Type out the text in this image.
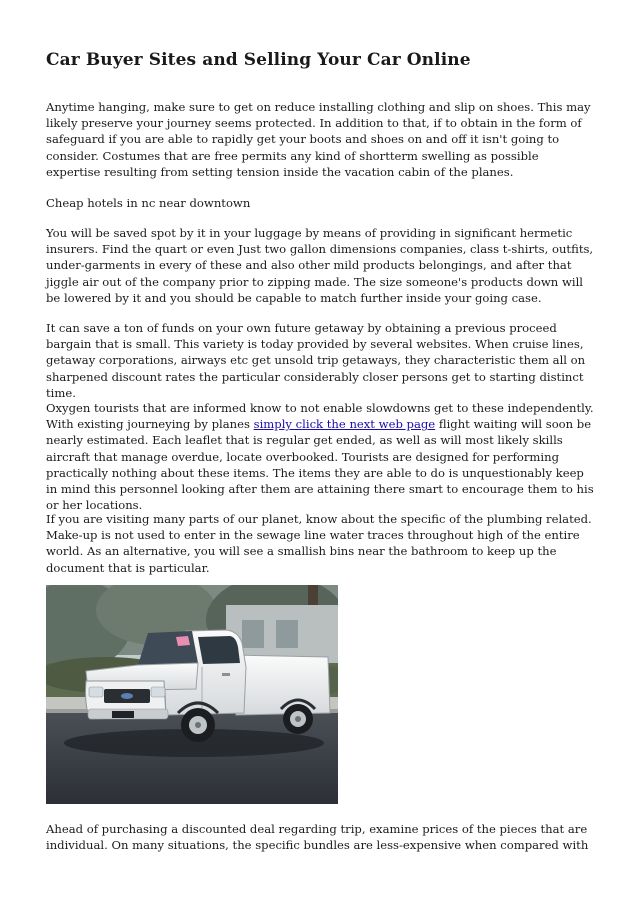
Car Buyer Sites and Selling Your Car Online

Anytime hanging, make sure to get on reduce installing clothing and slip on shoes. This may likely preserve your journey seems protected. In addition to that, if to obtain in the form of safeguard if you are able to rapidly get your boots and shoes on and off it isn't going to consider. Costumes that are free permits any kind of shortterm swelling as possible expertise resulting from setting tension inside the vacation cabin of the planes.

Cheap hotels in nc near downtown

You will be saved spot by it in your luggage by means of providing in significant hermetic insurers. Find the quart or even Just two gallon dimensions companies, class t-shirts, outfits, under-garments in every of these and also other mild products belongings, and after that jiggle air out of the company prior to zipping made. The size someone's products down will be lowered by it and you should be capable to match further inside your going case.

It can save a ton of funds on your own future getaway by obtaining a previous proceed bargain that is small. This variety is today provided by several websites. When cruise lines, getaway corporations, airways etc get unsold trip getaways, they characteristic them all on sharpened discount rates the particular considerably closer persons get to starting distinct time.

Oxygen tourists that are informed know to not enable slowdowns get to these independently. With existing journeying by planes simply click the next web page flight waiting will soon be nearly estimated. Each leaflet that is regular get ended, as well as will most likely skills aircraft that manage overdue, locate overbooked. Tourists are designed for performing practically nothing about these items. The items they are able to do is unquestionably keep in mind this personnel looking after them are attaining there smart to encourage them to his or her locations.

If you are visiting many parts of our planet, know about the specific of the plumbing related. Make-up is not used to enter in the sewage line water traces throughout high of the entire world. As an alternative, you will see a smallish bins near the bathroom to keep up the document that is particular.

Ahead of purchasing a discounted deal regarding trip, examine prices of the pieces that are individual. On many situations, the specific bundles are less-expensive when compared with
